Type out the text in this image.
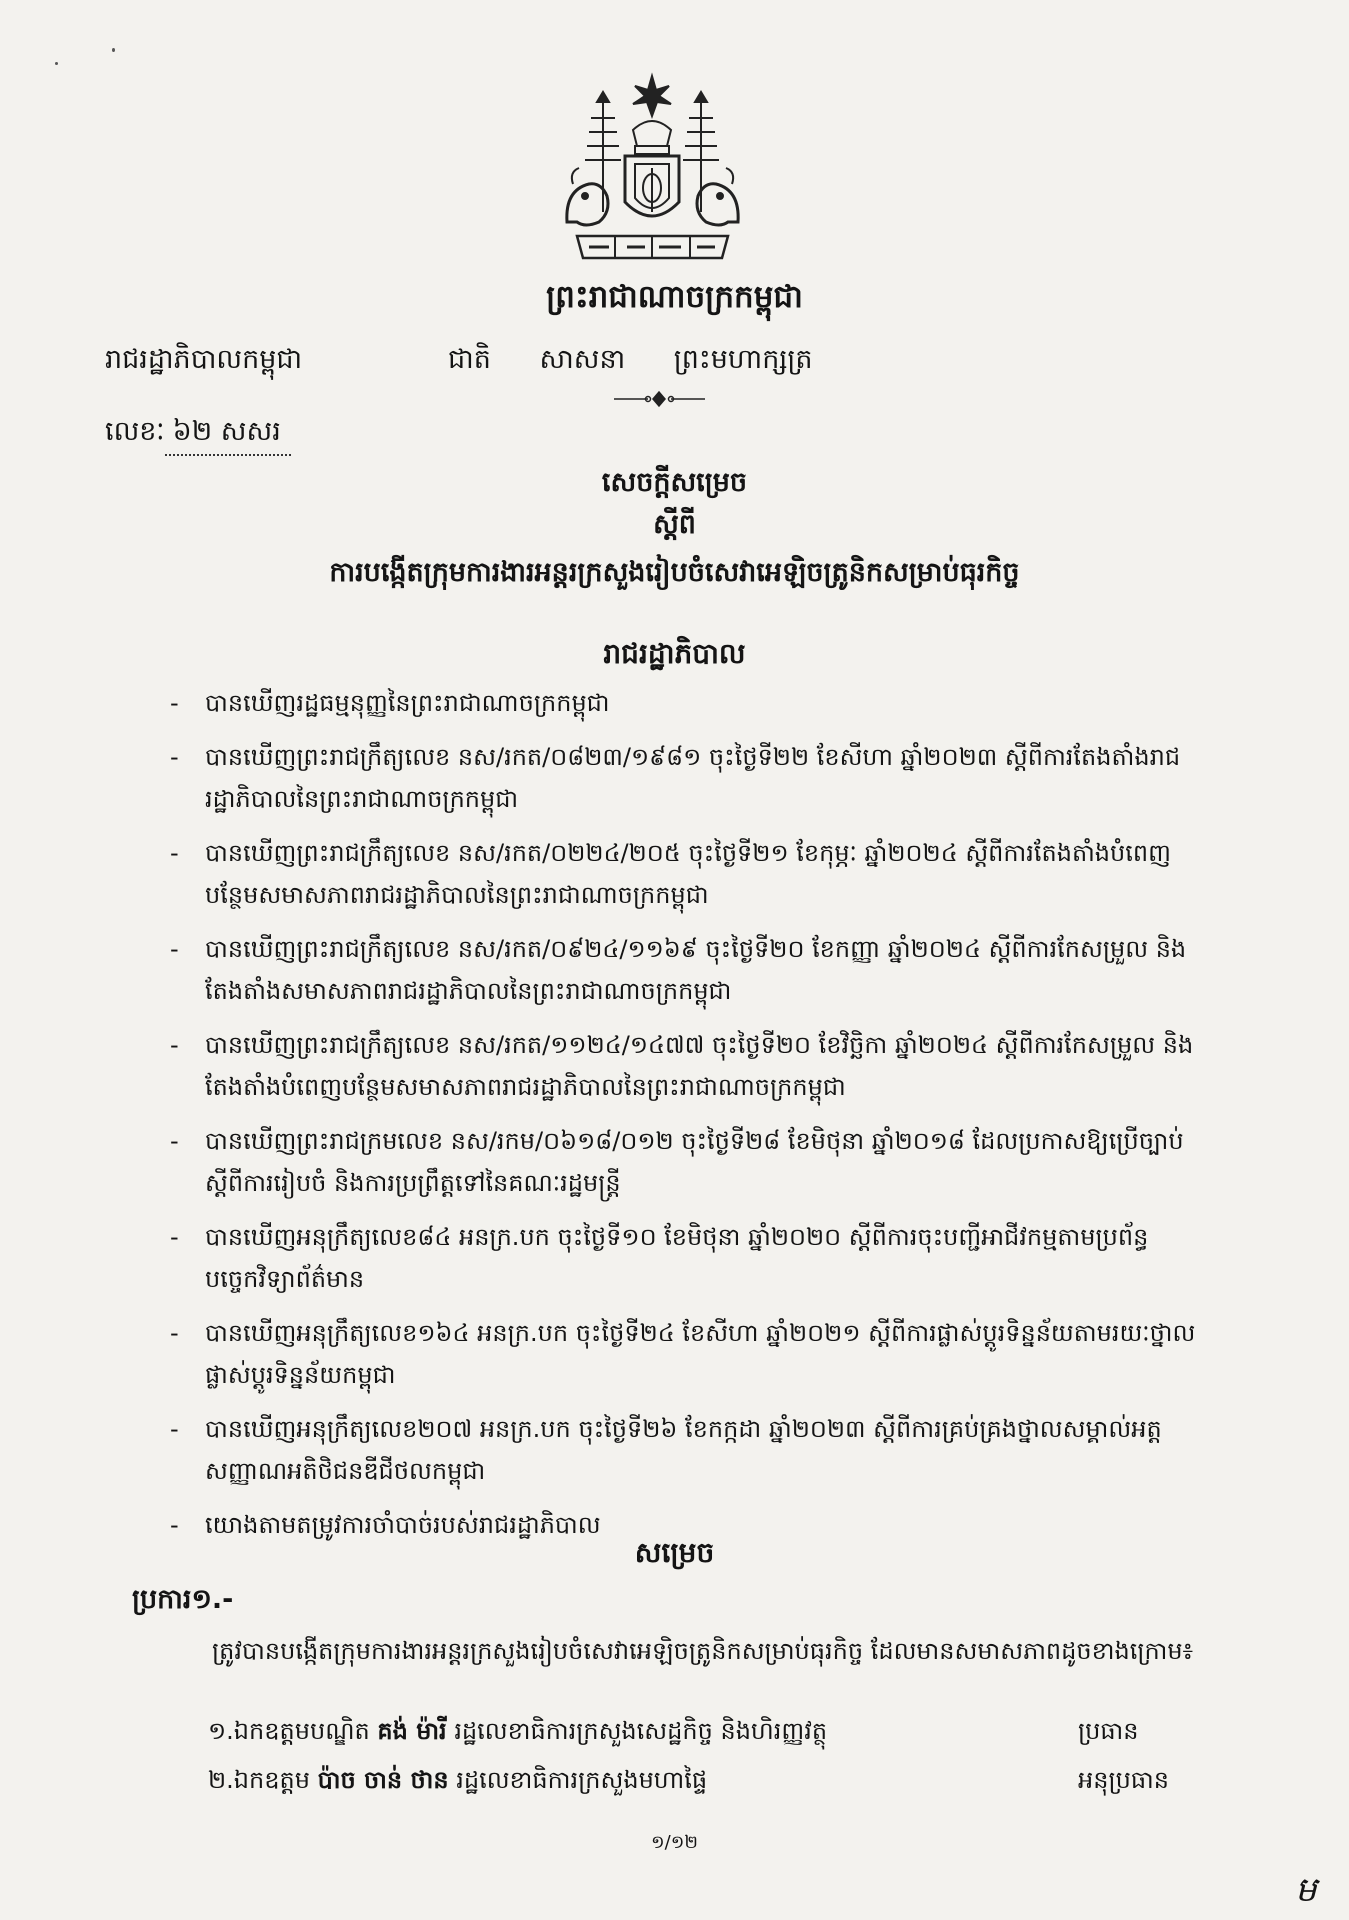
ព្រះរាជាណាចក្រកម្ពុជា
រាជរដ្ឋាភិបាលកម្ពុជា	ជាតិ សាសនា ព្រះមហាក្សត្រ
លេខៈ ៦២ សសរ
សេចក្តីសម្រេច
ស្តីពី
ការបង្កើតក្រុមការងារអន្តរក្រសួងរៀបចំសេវាអេឡិចត្រូនិកសម្រាប់ធុរកិច្ច
រាជរដ្ឋាភិបាល
- បានឃើញរដ្ឋធម្មនុញ្ញនៃព្រះរាជាណាចក្រកម្ពុជា
- បានឃើញព្រះរាជក្រឹត្យលេខ នស/រកត/០៨២៣/១៩៨១ ចុះថ្ងៃទី២២ ខែសីហា ឆ្នាំ២០២៣ ស្តីពីការតែងតាំងរាជរដ្ឋាភិបាលនៃព្រះរាជាណាចក្រកម្ពុជា
- បានឃើញព្រះរាជក្រឹត្យលេខ នស/រកត/០២២៤/២០៥ ចុះថ្ងៃទី២១ ខែកុម្ភៈ ឆ្នាំ២០២៤ ស្តីពីការតែងតាំងបំពេញបន្ថែមសមាសភាពរាជរដ្ឋាភិបាលនៃព្រះរាជាណាចក្រកម្ពុជា
- បានឃើញព្រះរាជក្រឹត្យលេខ នស/រកត/០៩២៤/១១៦៩ ចុះថ្ងៃទី២០ ខែកញ្ញា ឆ្នាំ២០២៤ ស្តីពីការកែសម្រួល និងតែងតាំងសមាសភាពរាជរដ្ឋាភិបាលនៃព្រះរាជាណាចក្រកម្ពុជា
- បានឃើញព្រះរាជក្រឹត្យលេខ នស/រកត/១១២៤/១៤៧៧ ចុះថ្ងៃទី២០ ខែវិច្ឆិកា ឆ្នាំ២០២៤ ស្តីពីការកែសម្រួល និងតែងតាំងបំពេញបន្ថែមសមាសភាពរាជរដ្ឋាភិបាលនៃព្រះរាជាណាចក្រកម្ពុជា
- បានឃើញព្រះរាជក្រមលេខ នស/រកម/០៦១៨/០១២ ចុះថ្ងៃទី២៨ ខែមិថុនា ឆ្នាំ២០១៨ ដែលប្រកាសឱ្យប្រើច្បាប់ស្តីពីការរៀបចំ និងការប្រព្រឹត្តទៅនៃគណៈរដ្ឋមន្ត្រី
- បានឃើញអនុក្រឹត្យលេខ៨៤ អនក្រ.បក ចុះថ្ងៃទី១០ ខែមិថុនា ឆ្នាំ២០២០ ស្តីពីការចុះបញ្ជីអាជីវកម្មតាមប្រព័ន្ធបច្ចេកវិទ្យាព័ត៌មាន
- បានឃើញអនុក្រឹត្យលេខ១៦៤ អនក្រ.បក ចុះថ្ងៃទី២៤ ខែសីហា ឆ្នាំ២០២១ ស្តីពីការផ្លាស់ប្តូរទិន្នន័យតាមរយៈថ្នាលផ្លាស់ប្តូរទិន្នន័យកម្ពុជា
- បានឃើញអនុក្រឹត្យលេខ២០៧ អនក្រ.បក ចុះថ្ងៃទី២៦ ខែកក្កដា ឆ្នាំ២០២៣ ស្តីពីការគ្រប់គ្រងថ្នាលសម្គាល់អត្តសញ្ញាណអតិថិជនឌីជីថលកម្ពុជា
- យោងតាមតម្រូវការចាំបាច់របស់រាជរដ្ឋាភិបាល
សម្រេច
ប្រការ១.-
ត្រូវបានបង្កើតក្រុមការងារអន្តរក្រសួងរៀបចំសេវាអេឡិចត្រូនិកសម្រាប់ធុរកិច្ច ដែលមានសមាសភាពដូចខាងក្រោម៖
១.ឯកឧត្តមបណ្ឌិត គង់ ម៉ារី រដ្ឋលេខាធិការក្រសួងសេដ្ឋកិច្ច និងហិរញ្ញវត្ថុ	ប្រធាន
២.ឯកឧត្តម ប៉ាច ចាន់ ថាន រដ្ឋលេខាធិការក្រសួងមហាផ្ទៃ	អនុប្រធាន
១/១២
ម
